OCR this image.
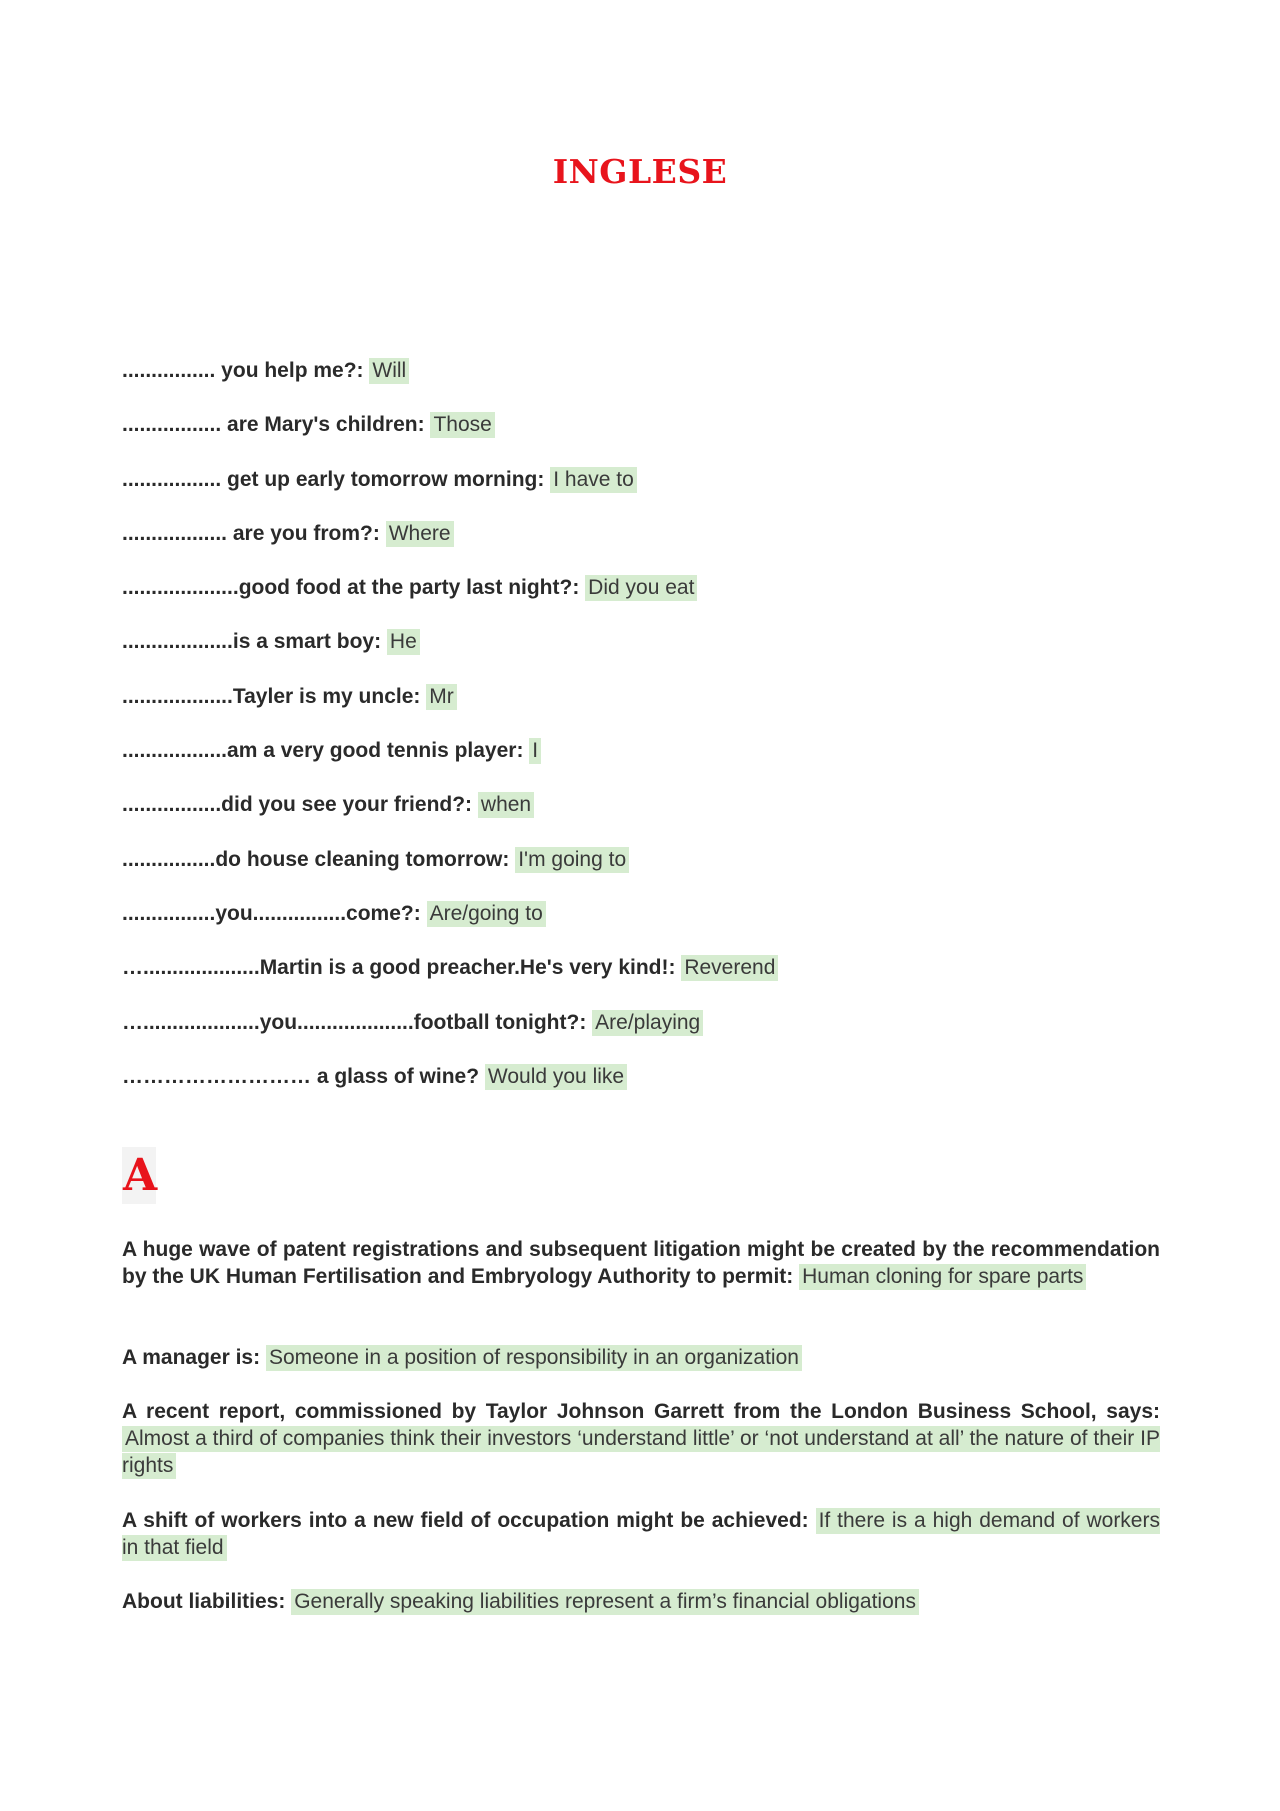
INGLESE
................ you help me?: Will
................. are Mary's children: Those
................. get up early tomorrow morning: I have to
.................. are you from?: Where
....................good food at the party last night?: Did you eat
...................is a smart boy: He
...................Tayler is my uncle: Mr
..................am a very good tennis player: I
.................did you see your friend?: when
................do house cleaning tomorrow: I'm going to
................you................come?: Are/going to
…....................Martin is a good preacher.He's very kind!: Reverend
…....................you....................football tonight?: Are/playing
……………………… a glass of wine? Would you like
A
A huge wave of patent registrations and subsequent litigation might be created by the recommendation by the UK Human Fertilisation and Embryology Authority to permit: Human cloning for spare parts
A manager is: Someone in a position of responsibility in an organization
A recent report, commissioned by Taylor Johnson Garrett from the London Business School, says: Almost a third of companies think their investors ‘understand little’ or ‘not understand at all’ the nature of their IP rights
A shift of workers into a new field of occupation might be achieved: If there is a high demand of workers in that field
About liabilities: Generally speaking liabilities represent a firm’s financial obligations
